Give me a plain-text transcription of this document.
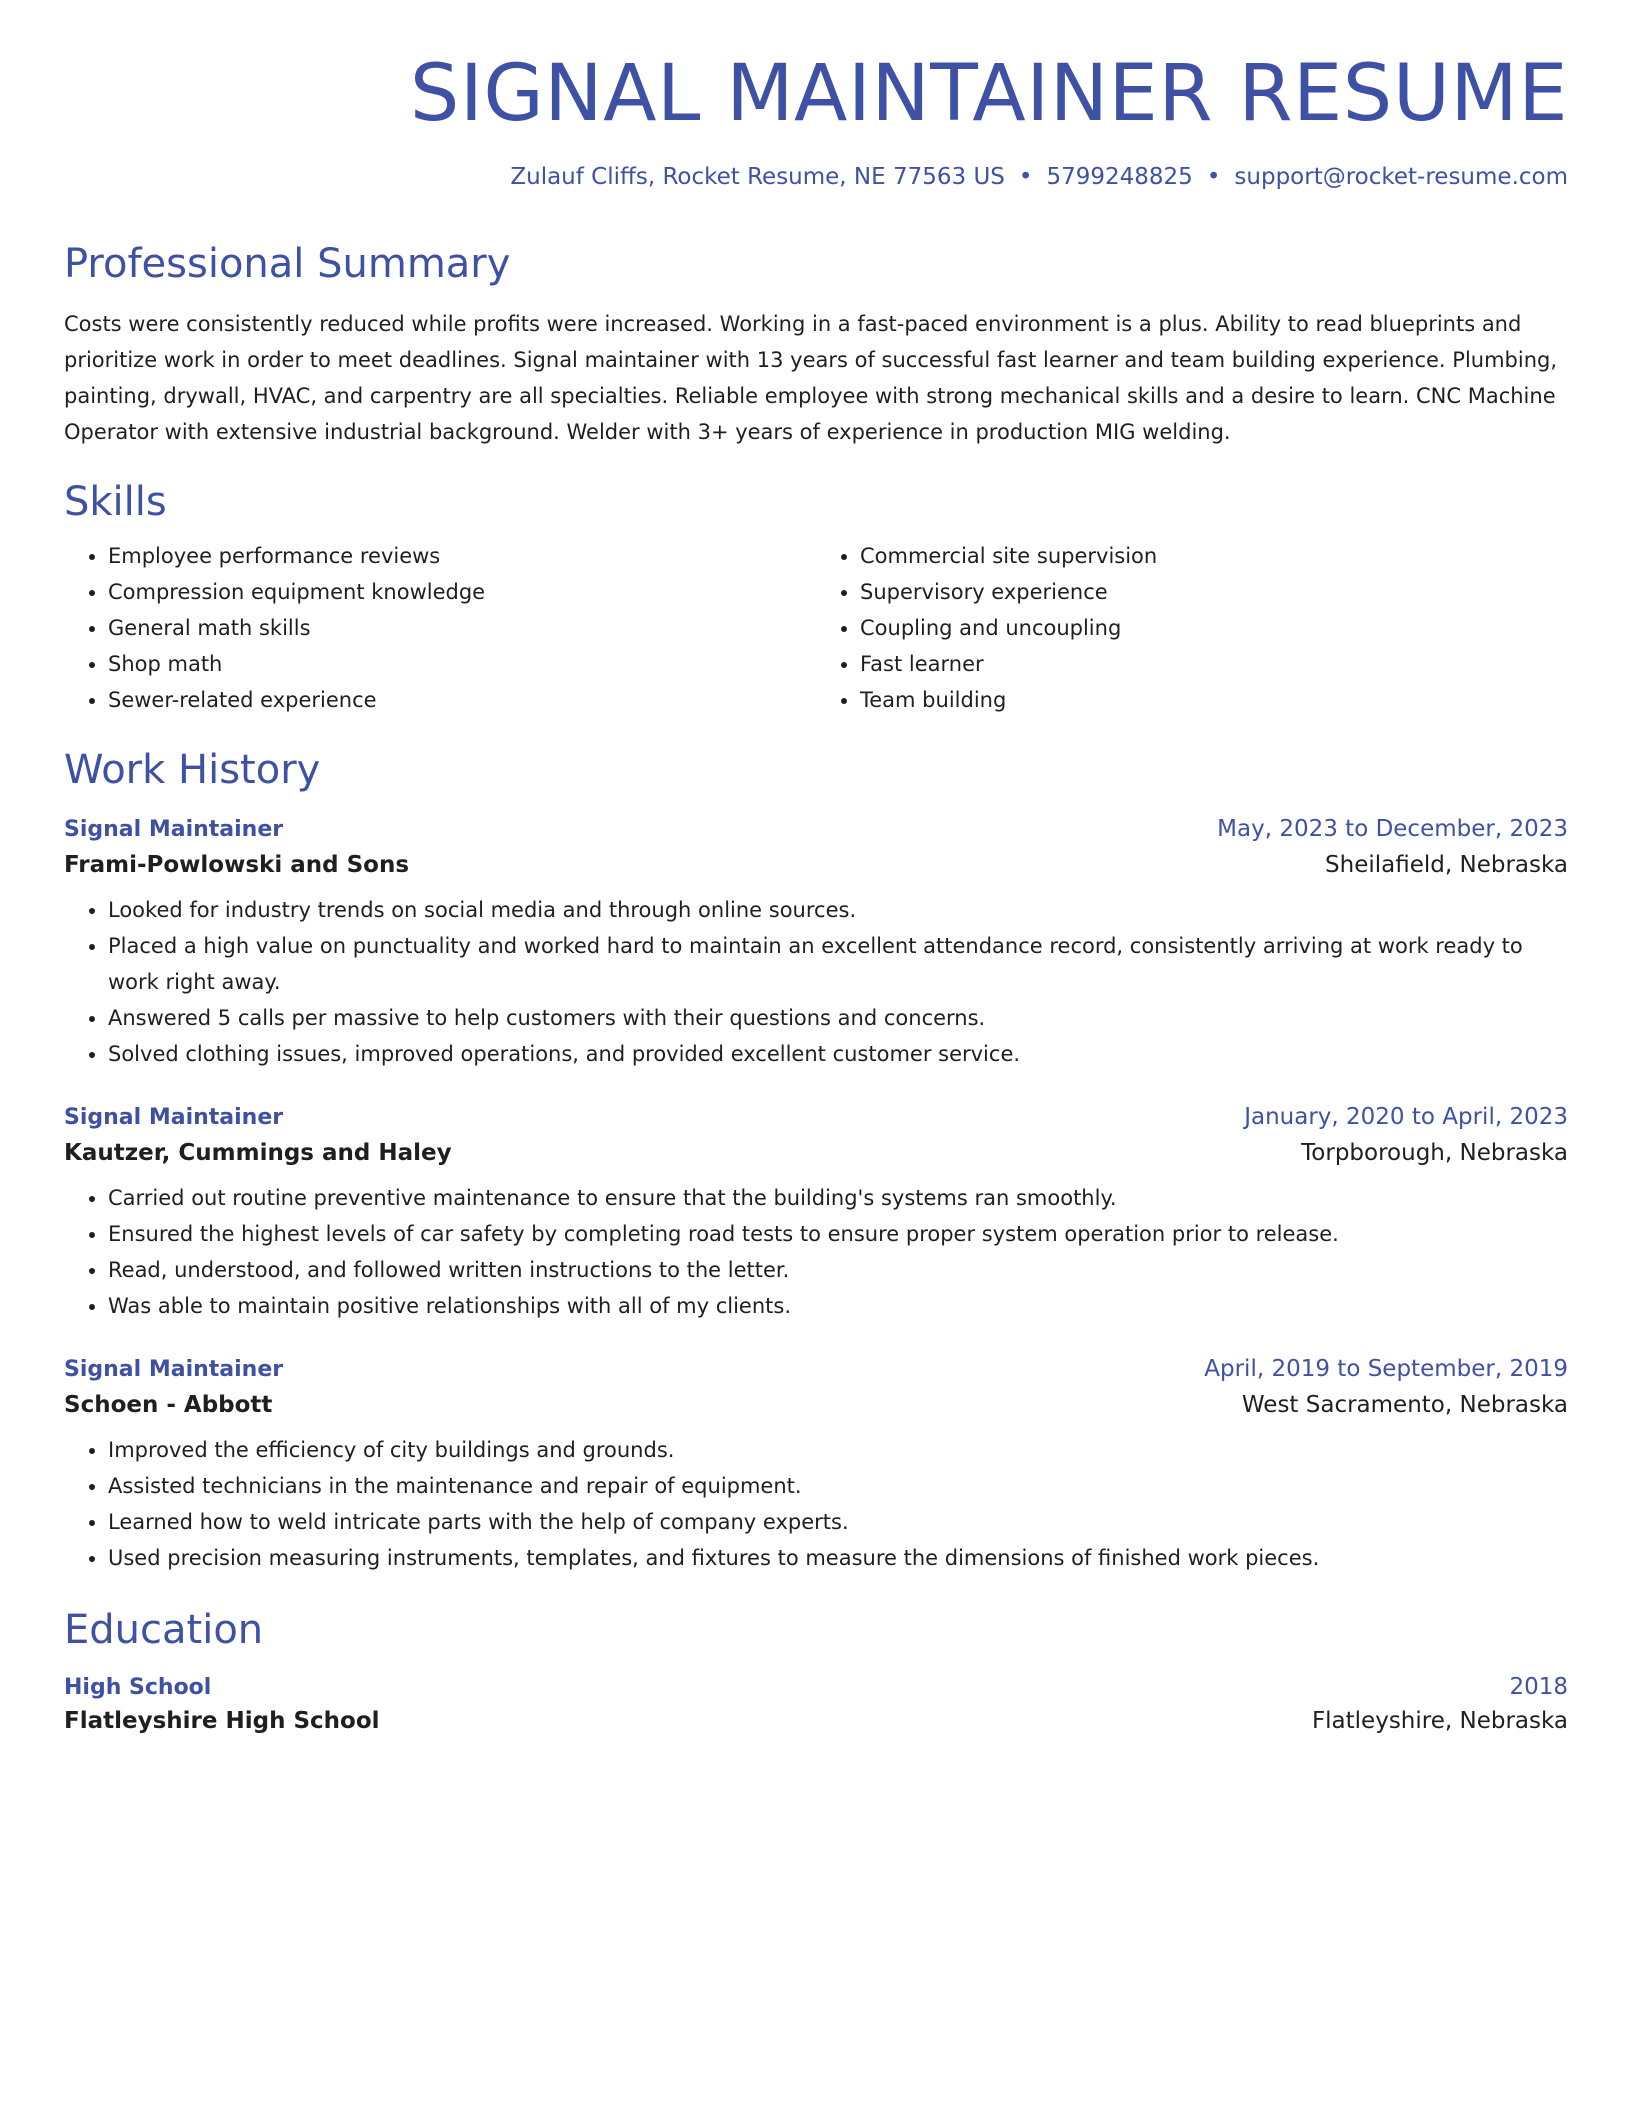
SIGNAL MAINTAINER RESUME
Zulauf Cliffs, Rocket Resume, NE 77563 US • 5799248825 • support@rocket-resume.com
Professional Summary

Costs were consistently reduced while profits were increased. Working in a fast-paced environment is a plus. Ability to read blueprints and prioritize work in order to meet deadlines. Signal maintainer with 13 years of successful fast learner and team building experience. Plumbing, painting, drywall, HVAC, and carpentry are all specialties. Reliable employee with strong mechanical skills and a desire to learn. CNC Machine Operator with extensive industrial background. Welder with 3+ years of experience in production MIG welding.

Skills
• Employee performance reviews
• Compression equipment knowledge
• General math skills
• Shop math
• Sewer-related experience
• Commercial site supervision
• Supervisory experience
• Coupling and uncoupling
• Fast learner
• Team building
Work History
Signal Maintainer	May, 2023 to December, 2023
Frami-Powlowski and Sons	Sheilafield, Nebraska
• Looked for industry trends on social media and through online sources.
• Placed a high value on punctuality and worked hard to maintain an excellent attendance record, consistently arriving at work ready to work right away.
• Answered 5 calls per massive to help customers with their questions and concerns.
• Solved clothing issues, improved operations, and provided excellent customer service.
Signal Maintainer	January, 2020 to April, 2023
Kautzer, Cummings and Haley	Torpborough, Nebraska
• Carried out routine preventive maintenance to ensure that the building's systems ran smoothly.
• Ensured the highest levels of car safety by completing road tests to ensure proper system operation prior to release.
• Read, understood, and followed written instructions to the letter.
• Was able to maintain positive relationships with all of my clients.
Signal Maintainer	April, 2019 to September, 2019
Schoen - Abbott	West Sacramento, Nebraska
• Improved the efficiency of city buildings and grounds.
• Assisted technicians in the maintenance and repair of equipment.
• Learned how to weld intricate parts with the help of company experts.
• Used precision measuring instruments, templates, and fixtures to measure the dimensions of finished work pieces.
Education
High School	2018
Flatleyshire High School	Flatleyshire, Nebraska
